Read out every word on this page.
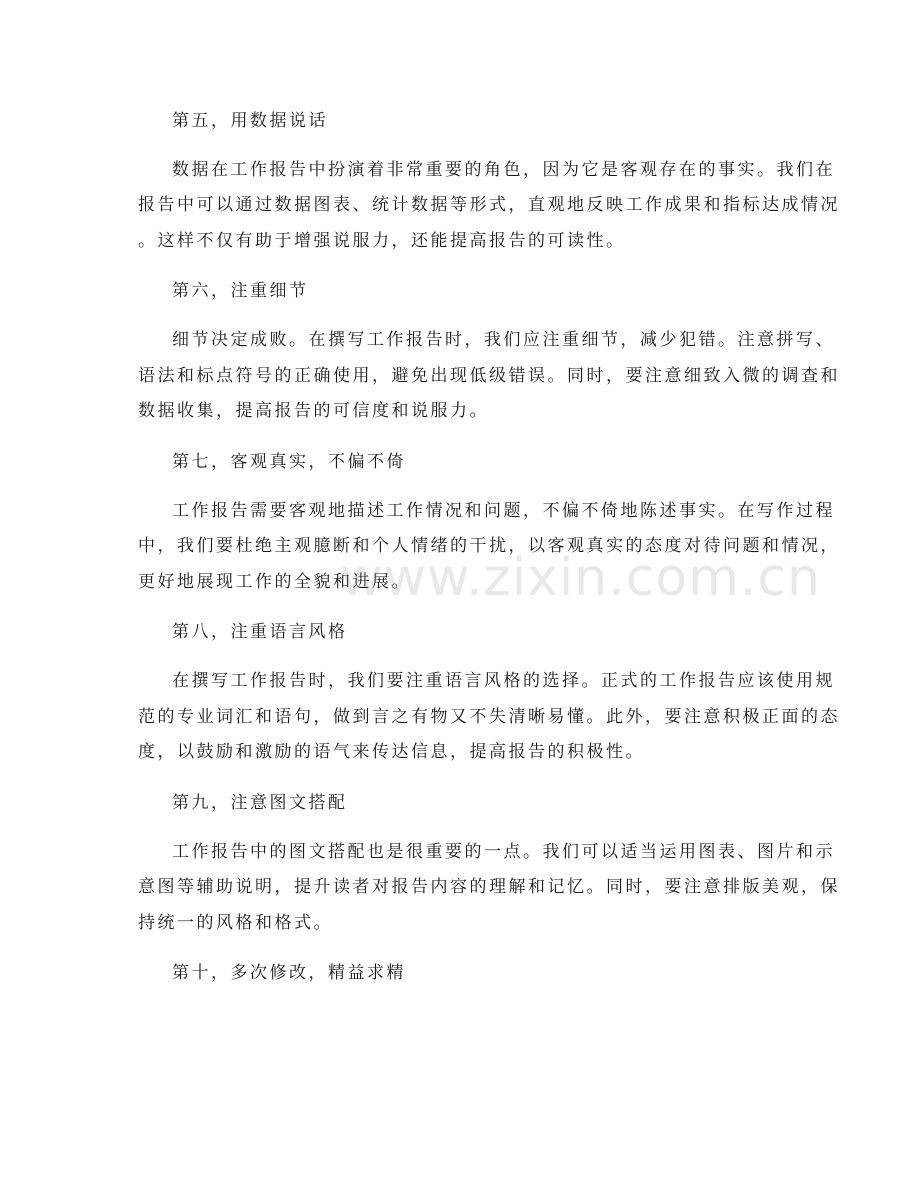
第五，用数据说话
数据在工作报告中扮演着非常重要的角色，因为它是客观存在的事实。我们在
报告中可以通过数据图表、统计数据等形式，直观地反映工作成果和指标达成情况
。这样不仅有助于增强说服力，还能提高报告的可读性。
第六，注重细节
细节决定成败。在撰写工作报告时，我们应注重细节，减少犯错。注意拼写、
语法和标点符号的正确使用，避免出现低级错误。同时，要注意细致入微的调查和
数据收集，提高报告的可信度和说服力。
第七，客观真实，不偏不倚
工作报告需要客观地描述工作情况和问题，不偏不倚地陈述事实。在写作过程
中，我们要杜绝主观臆断和个人情绪的干扰，以客观真实的态度对待问题和情况，
更好地展现工作的全貌和进展。
第八，注重语言风格
在撰写工作报告时，我们要注重语言风格的选择。正式的工作报告应该使用规
范的专业词汇和语句，做到言之有物又不失清晰易懂。此外，要注意积极正面的态
度，以鼓励和激励的语气来传达信息，提高报告的积极性。
第九，注意图文搭配
工作报告中的图文搭配也是很重要的一点。我们可以适当运用图表、图片和示
意图等辅助说明，提升读者对报告内容的理解和记忆。同时，要注意排版美观，保
持统一的风格和格式。
第十，多次修改，精益求精
www.zixin.com.cn
